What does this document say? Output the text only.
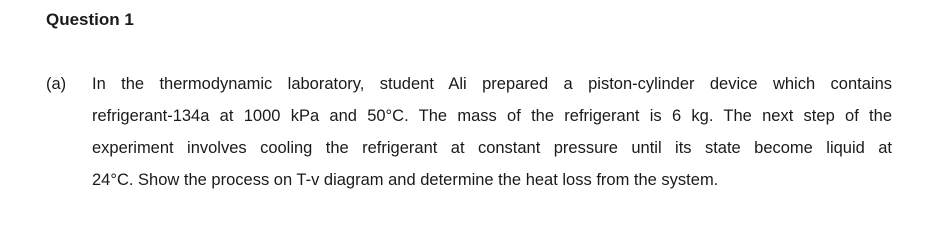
Question 1
(a) In the thermodynamic laboratory, student Ali prepared a piston-cylinder device which contains
refrigerant-134a at 1000 kPa and 50°C. The mass of the refrigerant is 6 kg. The next step of the
experiment involves cooling the refrigerant at constant pressure until its state become liquid at
24°C. Show the process on T-v diagram and determine the heat loss from the system.
